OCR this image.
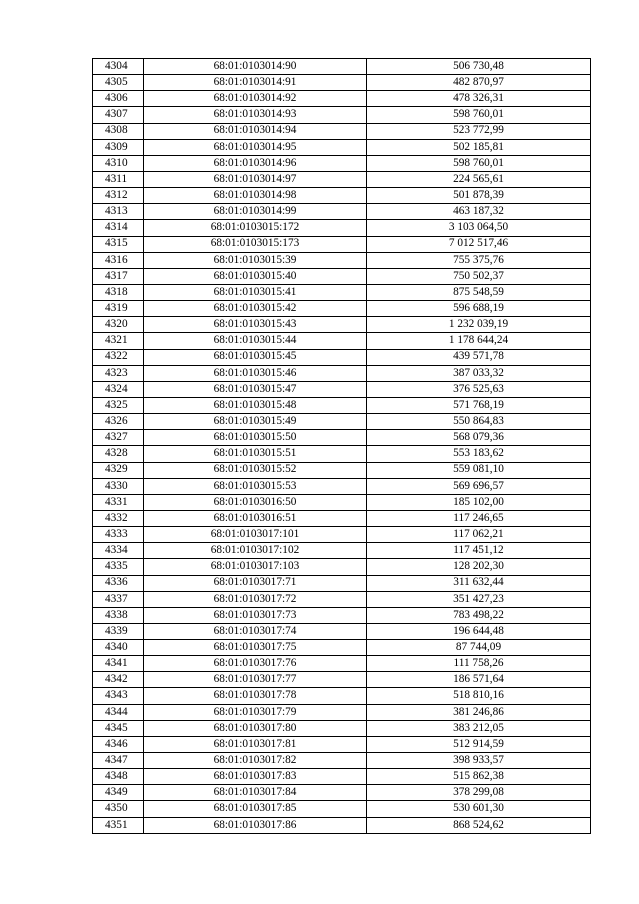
4304	68:01:0103014:90	506 730,48
4305	68:01:0103014:91	482 870,97
4306	68:01:0103014:92	478 326,31
4307	68:01:0103014:93	598 760,01
4308	68:01:0103014:94	523 772,99
4309	68:01:0103014:95	502 185,81
4310	68:01:0103014:96	598 760,01
4311	68:01:0103014:97	224 565,61
4312	68:01:0103014:98	501 878,39
4313	68:01:0103014:99	463 187,32
4314	68:01:0103015:172	3 103 064,50
4315	68:01:0103015:173	7 012 517,46
4316	68:01:0103015:39	755 375,76
4317	68:01:0103015:40	750 502,37
4318	68:01:0103015:41	875 548,59
4319	68:01:0103015:42	596 688,19
4320	68:01:0103015:43	1 232 039,19
4321	68:01:0103015:44	1 178 644,24
4322	68:01:0103015:45	439 571,78
4323	68:01:0103015:46	387 033,32
4324	68:01:0103015:47	376 525,63
4325	68:01:0103015:48	571 768,19
4326	68:01:0103015:49	550 864,83
4327	68:01:0103015:50	568 079,36
4328	68:01:0103015:51	553 183,62
4329	68:01:0103015:52	559 081,10
4330	68:01:0103015:53	569 696,57
4331	68:01:0103016:50	185 102,00
4332	68:01:0103016:51	117 246,65
4333	68:01:0103017:101	117 062,21
4334	68:01:0103017:102	117 451,12
4335	68:01:0103017:103	128 202,30
4336	68:01:0103017:71	311 632,44
4337	68:01:0103017:72	351 427,23
4338	68:01:0103017:73	783 498,22
4339	68:01:0103017:74	196 644,48
4340	68:01:0103017:75	87 744,09
4341	68:01:0103017:76	111 758,26
4342	68:01:0103017:77	186 571,64
4343	68:01:0103017:78	518 810,16
4344	68:01:0103017:79	381 246,86
4345	68:01:0103017:80	383 212,05
4346	68:01:0103017:81	512 914,59
4347	68:01:0103017:82	398 933,57
4348	68:01:0103017:83	515 862,38
4349	68:01:0103017:84	378 299,08
4350	68:01:0103017:85	530 601,30
4351	68:01:0103017:86	868 524,62
